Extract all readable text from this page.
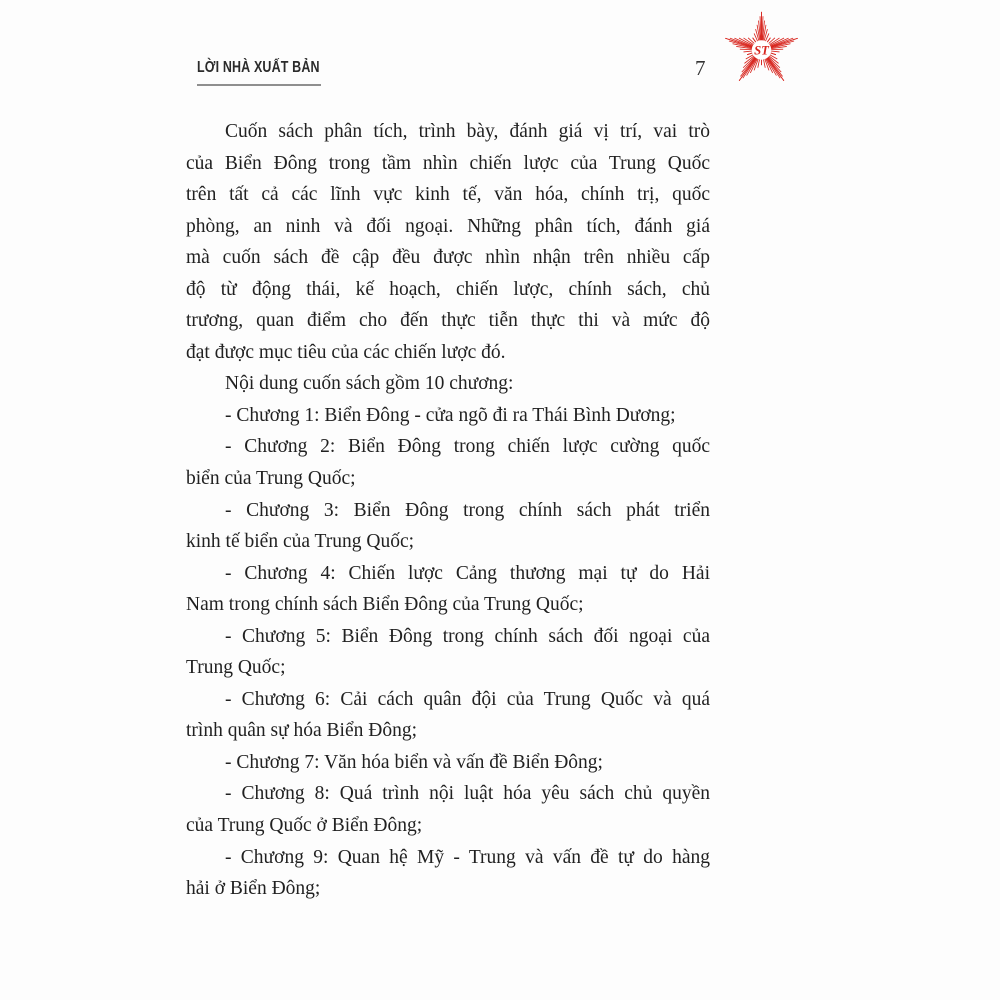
LỜI NHÀ XUẤT BẢN	7
ST
Cuốn sách phân tích, trình bày, đánh giá vị trí, vai trò
của Biển Đông trong tầm nhìn chiến lược của Trung Quốc
trên tất cả các lĩnh vực kinh tế, văn hóa, chính trị, quốc
phòng, an ninh và đối ngoại. Những phân tích, đánh giá
mà cuốn sách đề cập đều được nhìn nhận trên nhiều cấp
độ từ động thái, kế hoạch, chiến lược, chính sách, chủ
trương, quan điểm cho đến thực tiễn thực thi và mức độ
đạt được mục tiêu của các chiến lược đó.
Nội dung cuốn sách gồm 10 chương:
- Chương 1: Biển Đông - cửa ngõ đi ra Thái Bình Dương;
- Chương 2: Biển Đông trong chiến lược cường quốc
biển của Trung Quốc;
- Chương 3: Biển Đông trong chính sách phát triển
kinh tế biển của Trung Quốc;
- Chương 4: Chiến lược Cảng thương mại tự do Hải
Nam trong chính sách Biển Đông của Trung Quốc;
- Chương 5: Biển Đông trong chính sách đối ngoại của
Trung Quốc;
- Chương 6: Cải cách quân đội của Trung Quốc và quá
trình quân sự hóa Biển Đông;
- Chương 7: Văn hóa biển và vấn đề Biển Đông;
- Chương 8: Quá trình nội luật hóa yêu sách chủ quyền
của Trung Quốc ở Biển Đông;
- Chương 9: Quan hệ Mỹ - Trung và vấn đề tự do hàng
hải ở Biển Đông;
